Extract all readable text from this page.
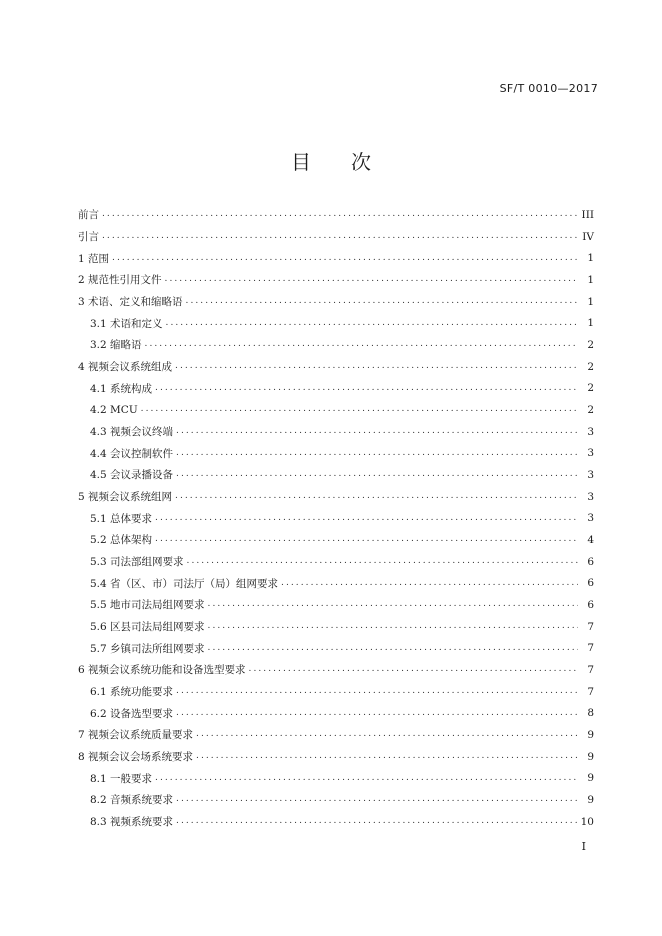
SF/T 0010—2017
目 次
前言 . . .	III
引言 . . .	IV
1 范围 . . .	1
2 规范性引用文件 . . .	1
3 术语、定义和缩略语 . . .	1
3.1 术语和定义 . . .	1
3.2 缩略语 . . .	2
4 视频会议系统组成 . . .	2
4.1 系统构成 . . .	2
4.2 MCU . . .	2
4.3 视频会议终端 . . .	3
4.4 会议控制软件 . . .	3
4.5 会议录播设备 . . .	3
5 视频会议系统组网 . . .	3
5.1 总体要求 . . .	3
5.2 总体架构 . . .	4
5.3 司法部组网要求 . . .	6
5.4 省（区、市）司法厅（局）组网要求 . . .	6
5.5 地市司法局组网要求 . . .	6
5.6 区县司法局组网要求 . . .	7
5.7 乡镇司法所组网要求 . . .	7
6 视频会议系统功能和设备选型要求 . . .	7
6.1 系统功能要求 . . .	7
6.2 设备选型要求 . . .	8
7 视频会议系统质量要求 . . .	9
8 视频会议会场系统要求 . . .	9
8.1 一般要求 . . .	9
8.2 音频系统要求 . . .	9
8.3 视频系统要求 . . .	10
I
